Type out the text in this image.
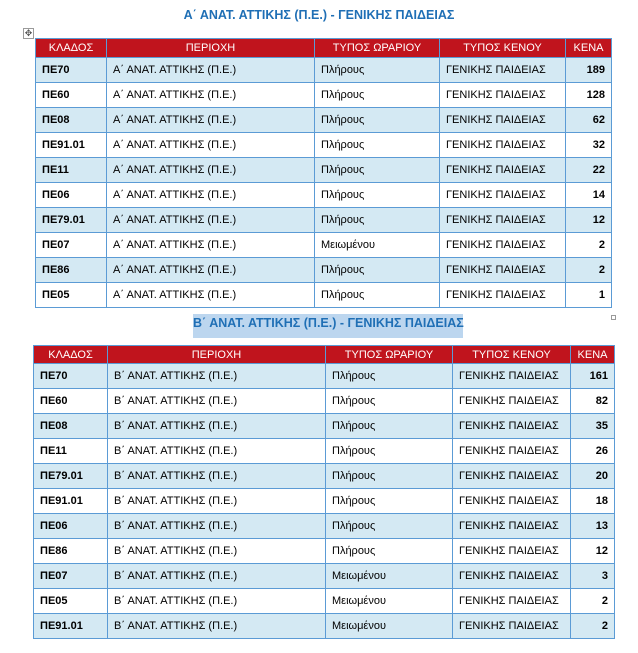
Α΄ ΑΝΑΤ. ΑΤΤΙΚΗΣ (Π.Ε.) - ΓΕΝΙΚΗΣ ΠΑΙΔΕΙΑΣ
✥
ΚΛΑΔΟΣ	ΠΕΡΙΟΧΗ	ΤΥΠΟΣ ΩΡΑΡΙΟΥ	ΤΥΠΟΣ ΚΕΝΟΥ	ΚΕΝΑ
ΠΕ70	Α΄ ΑΝΑΤ. ΑΤΤΙΚΗΣ (Π.Ε.)	Πλήρους	ΓΕΝΙΚΗΣ ΠΑΙΔΕΙΑΣ	189
ΠΕ60	Α΄ ΑΝΑΤ. ΑΤΤΙΚΗΣ (Π.Ε.)	Πλήρους	ΓΕΝΙΚΗΣ ΠΑΙΔΕΙΑΣ	128
ΠΕ08	Α΄ ΑΝΑΤ. ΑΤΤΙΚΗΣ (Π.Ε.)	Πλήρους	ΓΕΝΙΚΗΣ ΠΑΙΔΕΙΑΣ	62
ΠΕ91.01	Α΄ ΑΝΑΤ. ΑΤΤΙΚΗΣ (Π.Ε.)	Πλήρους	ΓΕΝΙΚΗΣ ΠΑΙΔΕΙΑΣ	32
ΠΕ11	Α΄ ΑΝΑΤ. ΑΤΤΙΚΗΣ (Π.Ε.)	Πλήρους	ΓΕΝΙΚΗΣ ΠΑΙΔΕΙΑΣ	22
ΠΕ06	Α΄ ΑΝΑΤ. ΑΤΤΙΚΗΣ (Π.Ε.)	Πλήρους	ΓΕΝΙΚΗΣ ΠΑΙΔΕΙΑΣ	14
ΠΕ79.01	Α΄ ΑΝΑΤ. ΑΤΤΙΚΗΣ (Π.Ε.)	Πλήρους	ΓΕΝΙΚΗΣ ΠΑΙΔΕΙΑΣ	12
ΠΕ07	Α΄ ΑΝΑΤ. ΑΤΤΙΚΗΣ (Π.Ε.)	Μειωμένου	ΓΕΝΙΚΗΣ ΠΑΙΔΕΙΑΣ	2
ΠΕ86	Α΄ ΑΝΑΤ. ΑΤΤΙΚΗΣ (Π.Ε.)	Πλήρους	ΓΕΝΙΚΗΣ ΠΑΙΔΕΙΑΣ	2
ΠΕ05	Α΄ ΑΝΑΤ. ΑΤΤΙΚΗΣ (Π.Ε.)	Πλήρους	ΓΕΝΙΚΗΣ ΠΑΙΔΕΙΑΣ	1
Β΄ ΑΝΑΤ. ΑΤΤΙΚΗΣ (Π.Ε.) - ΓΕΝΙΚΗΣ ΠΑΙΔΕΙΑΣ
ΚΛΑΔΟΣ	ΠΕΡΙΟΧΗ	ΤΥΠΟΣ ΩΡΑΡΙΟΥ	ΤΥΠΟΣ ΚΕΝΟΥ	ΚΕΝΑ
ΠΕ70	Β΄ ΑΝΑΤ. ΑΤΤΙΚΗΣ (Π.Ε.)	Πλήρους	ΓΕΝΙΚΗΣ ΠΑΙΔΕΙΑΣ	161
ΠΕ60	Β΄ ΑΝΑΤ. ΑΤΤΙΚΗΣ (Π.Ε.)	Πλήρους	ΓΕΝΙΚΗΣ ΠΑΙΔΕΙΑΣ	82
ΠΕ08	Β΄ ΑΝΑΤ. ΑΤΤΙΚΗΣ (Π.Ε.)	Πλήρους	ΓΕΝΙΚΗΣ ΠΑΙΔΕΙΑΣ	35
ΠΕ11	Β΄ ΑΝΑΤ. ΑΤΤΙΚΗΣ (Π.Ε.)	Πλήρους	ΓΕΝΙΚΗΣ ΠΑΙΔΕΙΑΣ	26
ΠΕ79.01	Β΄ ΑΝΑΤ. ΑΤΤΙΚΗΣ (Π.Ε.)	Πλήρους	ΓΕΝΙΚΗΣ ΠΑΙΔΕΙΑΣ	20
ΠΕ91.01	Β΄ ΑΝΑΤ. ΑΤΤΙΚΗΣ (Π.Ε.)	Πλήρους	ΓΕΝΙΚΗΣ ΠΑΙΔΕΙΑΣ	18
ΠΕ06	Β΄ ΑΝΑΤ. ΑΤΤΙΚΗΣ (Π.Ε.)	Πλήρους	ΓΕΝΙΚΗΣ ΠΑΙΔΕΙΑΣ	13
ΠΕ86	Β΄ ΑΝΑΤ. ΑΤΤΙΚΗΣ (Π.Ε.)	Πλήρους	ΓΕΝΙΚΗΣ ΠΑΙΔΕΙΑΣ	12
ΠΕ07	Β΄ ΑΝΑΤ. ΑΤΤΙΚΗΣ (Π.Ε.)	Μειωμένου	ΓΕΝΙΚΗΣ ΠΑΙΔΕΙΑΣ	3
ΠΕ05	Β΄ ΑΝΑΤ. ΑΤΤΙΚΗΣ (Π.Ε.)	Μειωμένου	ΓΕΝΙΚΗΣ ΠΑΙΔΕΙΑΣ	2
ΠΕ91.01	Β΄ ΑΝΑΤ. ΑΤΤΙΚΗΣ (Π.Ε.)	Μειωμένου	ΓΕΝΙΚΗΣ ΠΑΙΔΕΙΑΣ	2
